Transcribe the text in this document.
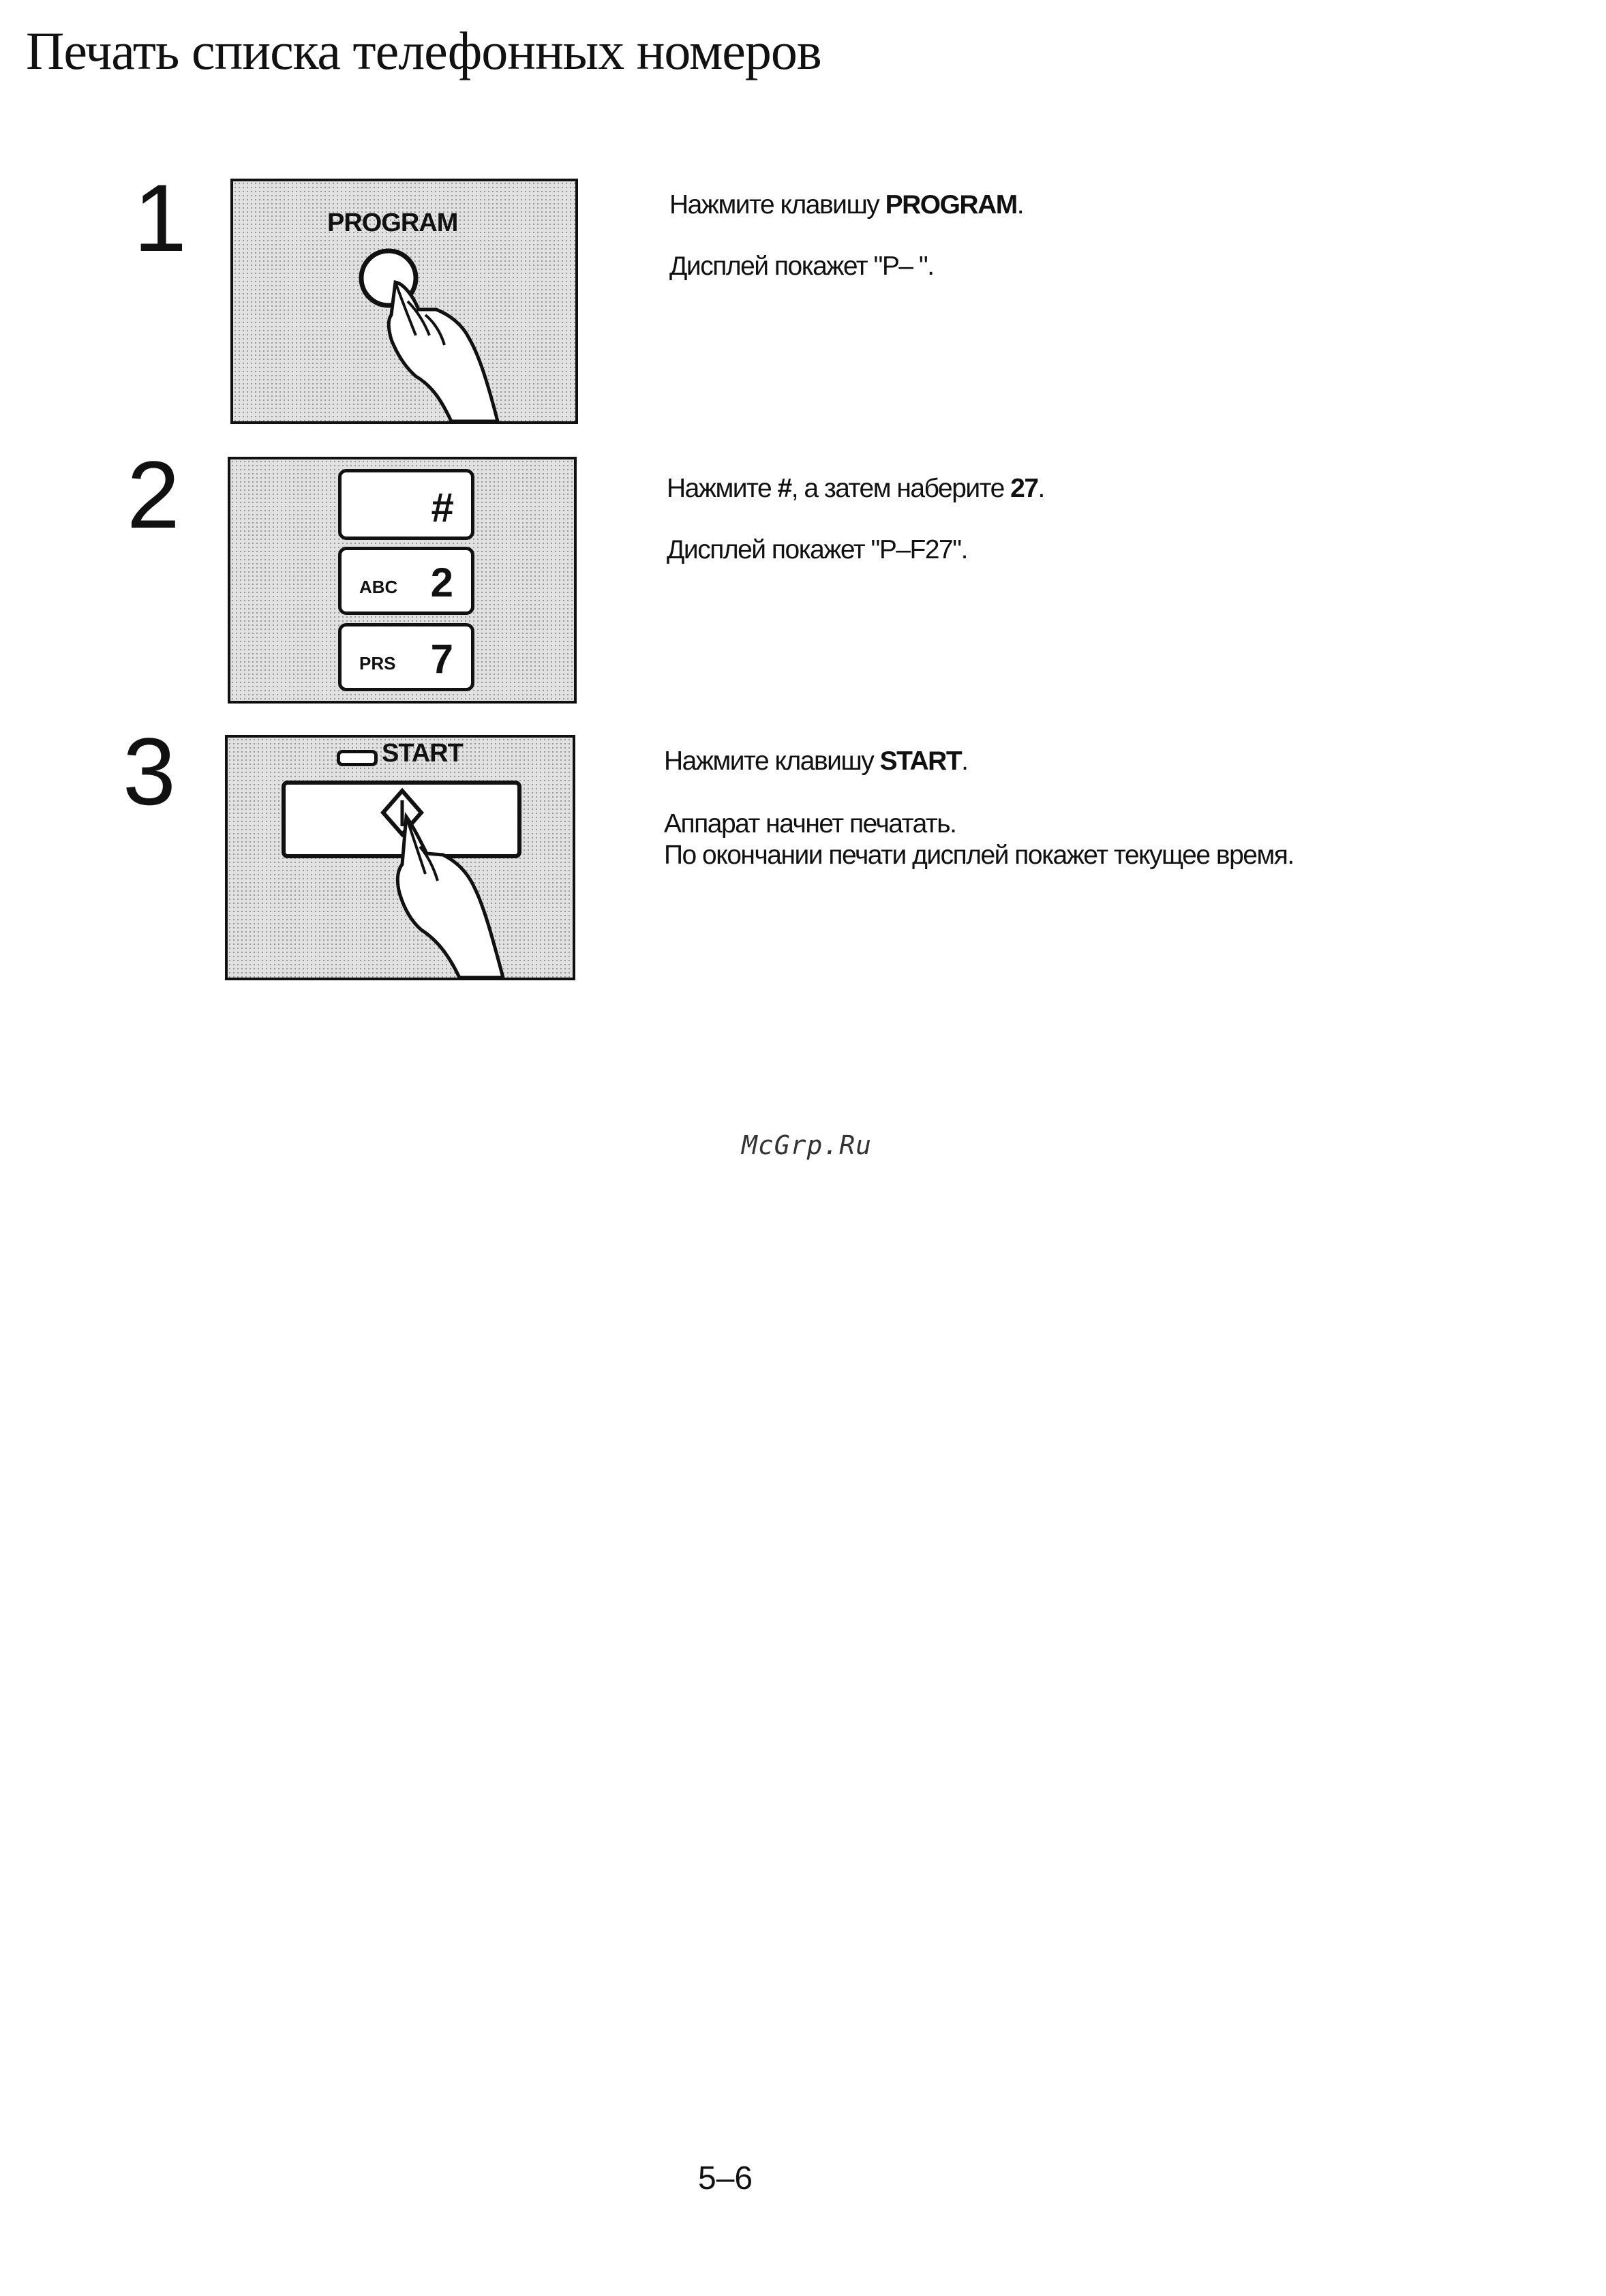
Печать списка телефонных номеров
1	PROGRAM
Нажмите клавишу PROGRAM.
Дисплей покажет "P– ".
2	#
ABC 2
PRS 7
Нажмите #, а затем наберите 27.
Дисплей покажет "P–F27".
3	START	Нажмите клавишу START.
Аппарат начнет печатать.
По окончании печати дисплей покажет текущее время.
McGrp.Ru
5–6
